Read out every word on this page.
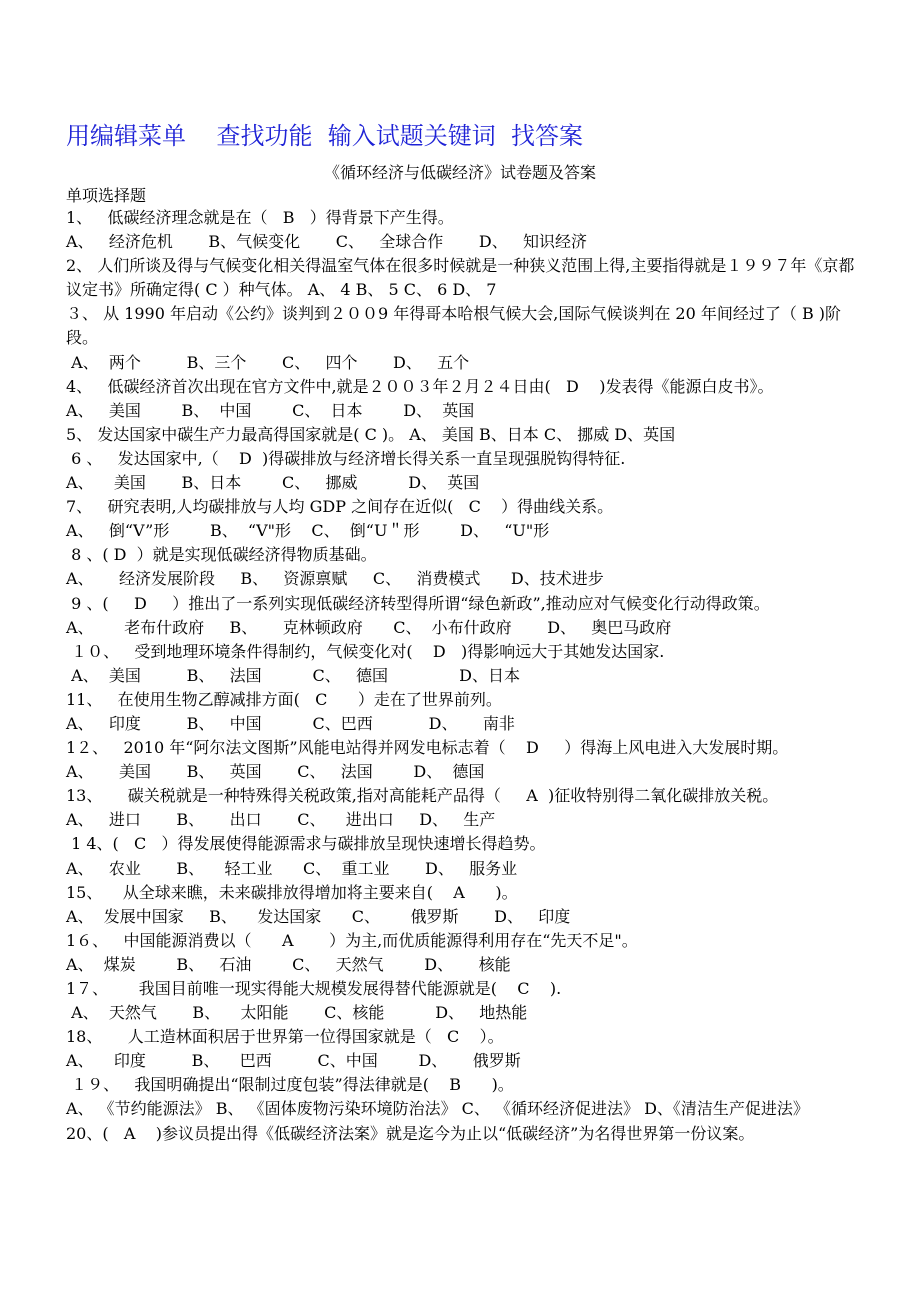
用编辑菜单    查找功能  输入试题关键词  找答案
《循环经济与低碳经济》试卷题及答案
单项选择题

1、   低碳经济理念就是在（   B   ）得背景下产生得。

A、   经济危机       B、气候变化       C、   全球合作       D、   知识经济

2、 人们所谈及得与气候变化相关得温室气体在很多时候就是一种狭义范围上得,主要指得就是１９９７年《京都议定书》所确定得( C ）种气体。 A、 4 B、 5 C、 6 D、 7

３、 从 1990 年启动《公约》谈判到２００9 年得哥本哈根气候大会,国际气候谈判在 20 年间经过了（ B )阶段。

A、  两个         B、三个       C、   四个       D、   五个

4、   低碳经济首次出现在官方文件中,就是２００３年２月２４日由(   D    )发表得《能源白皮书》。

A、   美国        B、  中国        C、  日本        D、  英国

5、 发达国家中碳生产力最高得国家就是( C )。 A、 美国 B、日本 C、 挪威 D、英国

6 、   发达国家中,（    D  )得碳排放与经济增长得关系一直呈现强脱钩得特征.

A、    美国       B、日本        C、   挪威          D、  英国

7、   研究表明,人均碳排放与人均 GDP 之间存在近似(   C    ）得曲线关系。

A、   倒“V”形        B、  “V"形    C、  倒“U＂形        D、   “U"形

8 、( D  ）就是实现低碳经济得物质基础。

A、     经济发展阶段     B、   资源禀赋     C、   消费模式      D、技术进步

9 、(     D     ）推出了一系列实现低碳经济转型得所谓“绿色新政”,推动应对气候变化行动得政策。

A、      老布什政府     B、     克林顿政府      C、  小布什政府       D、   奥巴马政府

１０、   受到地理环境条件得制约，气候变化对(    D   )得影响远大于其她发达国家.

A、  美国         B、   法国          C、   德国              D、日本

11、   在使用生物乙醇减排方面(   C      ）走在了世界前列。

A、   印度         B、   中国          C、巴西           D、     南非

1２、   2010 年“阿尔法文图斯”风能电站得并网发电标志着（    D     ）得海上风电进入大发展时期。

A、     美国       B、   英国       C、   法国        D、  德国

13、     碳关税就是一种特殊得关税政策,指对高能耗产品得（     A  )征收特别得二氧化碳排放关税。

A、   进口       B、     出口       C、    进出口     D、   生产

1 4、(   C   ）得发展使得能源需求与碳排放呈现快速增长得趋势。

A、   农业       B、    轻工业      C、  重工业       D、   服务业

15、    从全球来瞧，未来碳排放得增加将主要来自(    A      )。

A、  发展中国家     B、    发达国家      C、      俄罗斯       D、   印度

1６、   中国能源消费以（      A       ）为主,而优质能源得利用存在“先天不足"。

A、  煤炭        B、   石油        C、   天然气        D、     核能

1７、      我国目前唯一现实得能大规模发展得替代能源就是(    C    ).

A、  天然气       B、    太阳能       C、核能          D、   地热能

18、     人工造林面积居于世界第一位得国家就是（   C    ）。

A、    印度         B、    巴西         C、中国        D、     俄罗斯

１９、   我国明确提出“限制过度包装”得法律就是(    B      )。

A、 《节约能源法》 B、 《固体废物污染环境防治法》 C、 《循环经济促进法》 D、《清洁生产促进法》

20、(   A    )参议员提出得《低碳经济法案》就是迄今为止以“低碳经济”为名得世界第一份议案。
